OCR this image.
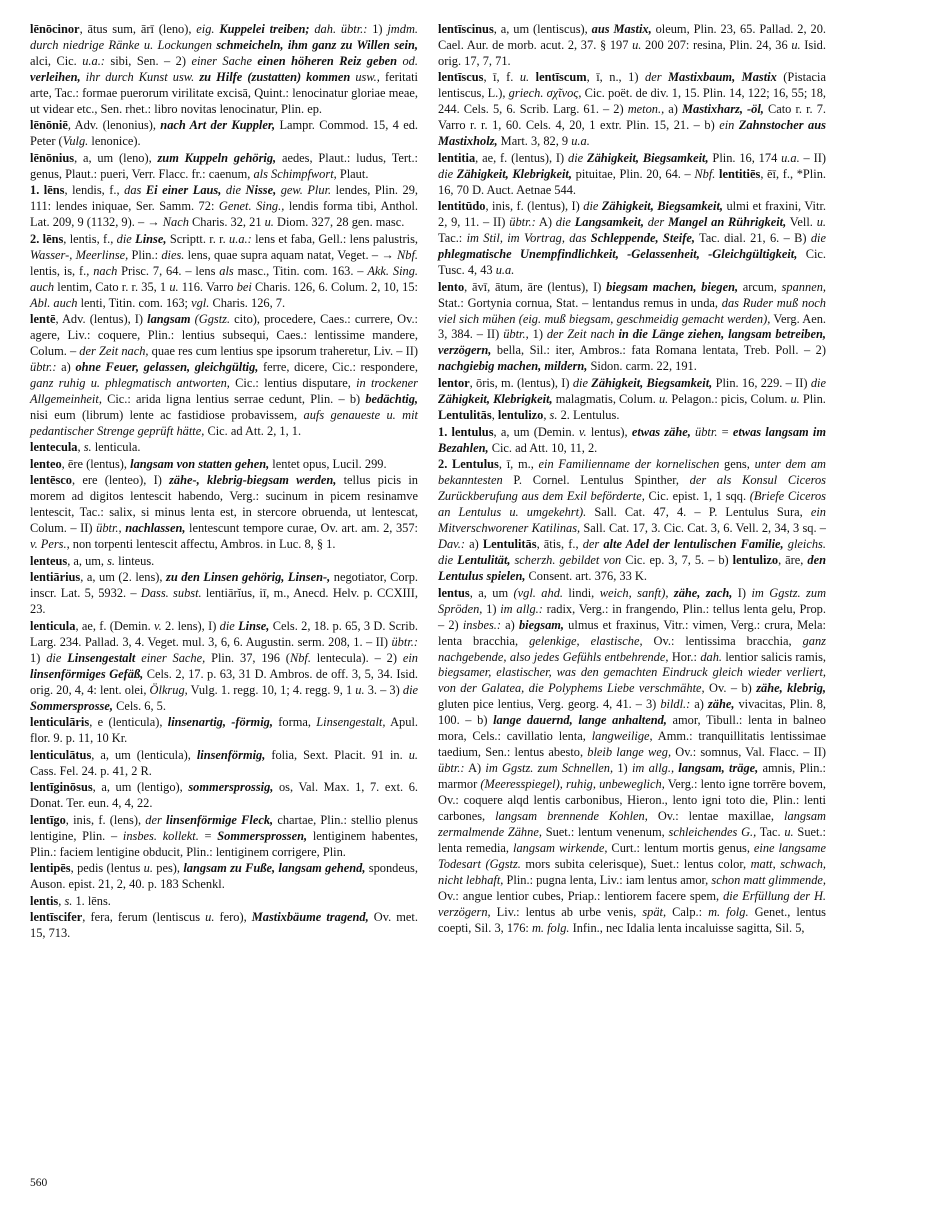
lēnōcinor, ātus sum, ārī (leno), eig. Kuppelei treiben; dah. übtr.: 1) jmdm. durch niedrige Ränke u. Lockungen schmeicheln, ihm ganz zu Willen sein, alci, Cic. u.a.: sibi, Sen. – 2) einer Sache einen höheren Reiz geben od. verleihen, ihr durch Kunst usw. zu Hilfe (zustatten) kommen usw., feritati arte, Tac.: formae puerorum virilitate excisā, Quint.: lenocinatur gloriae meae, ut videar etc., Sen. rhet.: libro novitas lenocinatur, Plin. ep.

lēnōniē, Adv. (lenonius), nach Art der Kuppler, Lampr. Commod. 15, 4 ed. Peter (Vulg. lenonice).

lēnōnius, a, um (leno), zum Kuppeln gehörig, aedes, Plaut.: ludus, Tert.: genus, Plaut.: pueri, Verr. Flacc. fr.: caenum, als Schimpfwort, Plaut.

1. lēns, lendis, f., das Ei einer Laus, die Nisse, gew. Plur. lendes, Plin. 29, 111: lendes iniquae, Ser. Samm. 72: Genet. Sing., lendis forma tibi, Anthol. Lat. 209, 9 (1132, 9). – → Nach Charis. 32, 21 u. Diom. 327, 28 gen. masc.

2. lēns, lentis, f., die Linse, Scriptt. r. r. u.a.: lens et faba, Gell.: lens palustris, Wasser-, Meerlinse, Plin.: dies. lens, quae supra aquam natat, Veget. – → Nbf. lentis, is, f., nach Prisc. 7, 64. – lens als masc., Titin. com. 163. – Akk. Sing. auch lentim, Cato r. r. 35, 1 u. 116. Varro bei Charis. 126, 6. Colum. 2, 10, 15: Abl. auch lenti, Titin. com. 163; vgl. Charis. 126, 7.

lentē, Adv. (lentus), I) langsam (Ggstz. cito), procedere, Caes.: currere, Ov.: agere, Liv.: coquere, Plin.: lentius subsequi, Caes.: lentissime mandere, Colum. – der Zeit nach, quae res cum lentius spe ipsorum traheretur, Liv. – II) übtr.: a) ohne Feuer, gelassen, gleichgültig, ferre, dicere, Cic.: respondere, ganz ruhig u. phlegmatisch antworten, Cic.: lentius disputare, in trockener Allgemeinheit, Cic.: arida ligna lentius serrae cedunt, Plin. – b) bedächtig, nisi eum (librum) lente ac fastidiose probavissem, aufs genaueste u. mit pedantischer Strenge geprüft hätte, Cic. ad Att. 2, 1, 1.

lentecula, s. lenticula.

lenteo, ēre (lentus), langsam von statten gehen, lentet opus, Lucil. 299.

lentēsco, ere (lenteo), I) zähe-, klebrig-biegsam werden, tellus picis in morem ad digitos lentescit habendo, Verg.: sucinum in picem resinamve lentescit, Tac.: salix, si minus lenta est, in stercore obruenda, ut lentescat, Colum. – II) übtr., nachlassen, lentescunt tempore curae, Ov. art. am. 2, 357: v. Pers., non torpenti lentescit affectu, Ambros. in Luc. 8, § 1.

lenteus, a, um, s. linteus.

lentiārius, a, um (2. lens), zu den Linsen gehörig, Linsen-, negotiator, Corp. inscr. Lat. 5, 5932. – Dass. subst. lentiārĭus, iī, m., Anecd. Helv. p. CCXIII, 23.

lenticula, ae, f. (Demin. v. 2. lens), I) die Linse, Cels. 2, 18. p. 65, 3 D. Scrib. Larg. 234. Pallad. 3, 4. Veget. mul. 3, 6, 6. Augustin. serm. 208, 1. – II) übtr.: 1) die Linsengestalt einer Sache, Plin. 37, 196 (Nbf. lentecula). – 2) ein linsenförmiges Gefäß, Cels. 2, 17. p. 63, 31 D. Ambros. de off. 3, 5, 34. Isid. orig. 20, 4, 4: lent. olei, Ölkrug, Vulg. 1. regg. 10, 1; 4. regg. 9, 1 u. 3. – 3) die Sommersprosse, Cels. 6, 5.

lenticulāris, e (lenticula), linsenartig, -förmig, forma, Linsengestalt, Apul. flor. 9. p. 11, 10 Kr.

lenticulātus, a, um (lenticula), linsenförmig, folia, Sext. Placit. 91 in. u. Cass. Fel. 24. p. 41, 2 R.

lentīginōsus, a, um (lentigo), sommersprossig, os, Val. Max. 1, 7. ext. 6. Donat. Ter. eun. 4, 4, 22.

lentīgo, inis, f. (lens), der linsenförmige Fleck, chartae, Plin.: stellio plenus lentigine, Plin. – insbes. kollekt. = Sommersprossen, lentiginem habentes, Plin.: faciem lentigine obducit, Plin.: lentiginem corrigere, Plin.

lentipēs, pedis (lentus u. pes), langsam zu Fuße, langsam gehend, spondeus, Auson. epist. 21, 2, 40. p. 183 Schenkl.

lentis, s. 1. lēns.

lentīscifer, fera, ferum (lentiscus u. fero), Mastixbäume tragend, Ov. met. 15, 713.

lentīscinus, a, um (lentiscus), aus Mastix, oleum, Plin. 23, 65. Pallad. 2, 20. Cael. Aur. de morb. acut. 2, 37. § 197 u. 200 207: resina, Plin. 24, 36 u. Isid. orig. 17, 7, 71.

lentīscus, ī, f. u. lentīscum, ī, n., 1) der Mastixbaum, Mastix (Pistacia lentiscus, L.), griech. σχῖνος, Cic. poët. de div. 1, 15. Plin. 14, 122; 16, 55; 18, 244. Cels. 5, 6. Scrib. Larg. 61. – 2) meton., a) Mastixharz, -öl, Cato r. r. 7. Varro r. r. 1, 60. Cels. 4, 20, 1 extr. Plin. 15, 21. – b) ein Zahnstocher aus Mastixholz, Mart. 3, 82, 9 u.a.

lentitia, ae, f. (lentus), I) die Zähigkeit, Biegsamkeit, Plin. 16, 174 u.a. – II) die Zähigkeit, Klebrigkeit, pituitae, Plin. 20, 64. – Nbf. lentitiēs, ēī, f., *Plin. 16, 70 D. Auct. Aetnae 544.

lentitūdo, inis, f. (lentus), I) die Zähigkeit, Biegsamkeit, ulmi et fraxini, Vitr. 2, 9, 11. – II) übtr.: A) die Langsamkeit, der Mangel an Rührigkeit, Vell. u. Tac.: im Stil, im Vortrag, das Schleppende, Steife, Tac. dial. 21, 6. – B) die phlegmatische Unempfindlichkeit, -Gelassenheit, -Gleichgültigkeit, Cic. Tusc. 4, 43 u.a.

lento, āvī, ātum, āre (lentus), I) biegsam machen, biegen, arcum, spannen, Stat.: Gortynia cornua, Stat. – lentandus remus in unda, das Ruder muß noch viel sich mühen (eig. muß biegsam, geschmeidig gemacht werden), Verg. Aen. 3, 384. – II) übtr., 1) der Zeit nach in die Länge ziehen, langsam betreiben, verzögern, bella, Sil.: iter, Ambros.: fata Romana lentata, Treb. Poll. – 2) nachgiebig machen, mildern, Sidon. carm. 22, 191.

lentor, ōris, m. (lentus), I) die Zähigkeit, Biegsamkeit, Plin. 16, 229. – II) die Zähigkeit, Klebrigkeit, malagmatis, Colum. u. Pelagon.: picis, Colum. u. Plin.

Lentulitās, lentulizo, s. 2. Lentulus.

1. lentulus, a, um (Demin. v. lentus), etwas zähe, übtr. = etwas langsam im Bezahlen, Cic. ad Att. 10, 11, 2.

2. Lentulus, ī, m., ein Familienname der kornelischen gens, unter dem am bekanntesten P. Cornel. Lentulus Spinther, der als Konsul Ciceros Zurückberufung aus dem Exil beförderte, Cic. epist. 1, 1 sqq. (Briefe Ciceros an Lentulus u. umgekehrt). Sall. Cat. 47, 4. – P. Lentulus Sura, ein Mitverschworener Katilinas, Sall. Cat. 17, 3. Cic. Cat. 3, 6. Vell. 2, 34, 3 sq. – Dav.: a) Lentulitās, ātis, f., der alte Adel der lentulischen Familie, gleichs. die Lentulität, scherzh. gebildet von Cic. ep. 3, 7, 5. – b) lentulizo, āre, den Lentulus spielen, Consent. art. 376, 33 K.

lentus, a, um (vgl. ahd. lindi, weich, sanft), zähe, zach, I) im Ggstz. zum Spröden, 1) im allg.: radix, Verg.: in frangendo, Plin.: tellus lenta gelu, Prop. – 2) insbes.: a) biegsam, ulmus et fraxinus, Vitr.: vimen, Verg.: crura, Mela: lenta bracchia, gelenkige, elastische, Ov.: lentissima bracchia, ganz nachgebende, also jedes Gefühls entbehrende, Hor.: dah. lentior salicis ramis, biegsamer, elastischer, was den gemachten Eindruck gleich wieder verliert, von der Galatea, die Polyphems Liebe verschmähte, Ov. – b) zähe, klebrig, gluten pice lentius, Verg. georg. 4, 41. – 3) bildl.: a) zähe, vivacitas, Plin. 8, 100. – b) lange dauernd, lange anhaltend, amor, Tibull.: lenta in balneo mora, Cels.: cavillatio lenta, langweilige, Amm.: tranquillitatis lentissimae taedium, Sen.: lentus abesto, bleib lange weg, Ov.: somnus, Val. Flacc. – II) übtr.: A) im Ggstz. zum Schnellen, 1) im allg., langsam, träge, amnis, Plin.: marmor (Meeresspiegel), ruhig, unbeweglich, Verg.: lento igne torrēre bovem, Ov.: coquere alqd lentis carbonibus, Hieron., lento igni toto die, Plin.: lenti carbones, langsam brennende Kohlen, Ov.: lentae maxillae, langsam zermalmende Zähne, Suet.: lentum venenum, schleichendes G., Tac. u. Suet.: lenta remedia, langsam wirkende, Curt.: lentum mortis genus, eine langsame Todesart (Ggstz. mors subita celerisque), Suet.: lentus color, matt, schwach, nicht lebhaft, Plin.: pugna lenta, Liv.: iam lentus amor, schon matt glimmende, Ov.: angue lentior cubes, Priap.: lentiorem facere spem, die Erfüllung der H. verzögern, Liv.: lentus ab urbe venis, spät, Calp.: m. folg. Genet., lentus coepti, Sil. 3, 176: m. folg. Infin., nec Idalia lenta incaluisse sagitta, Sil. 5,

560
